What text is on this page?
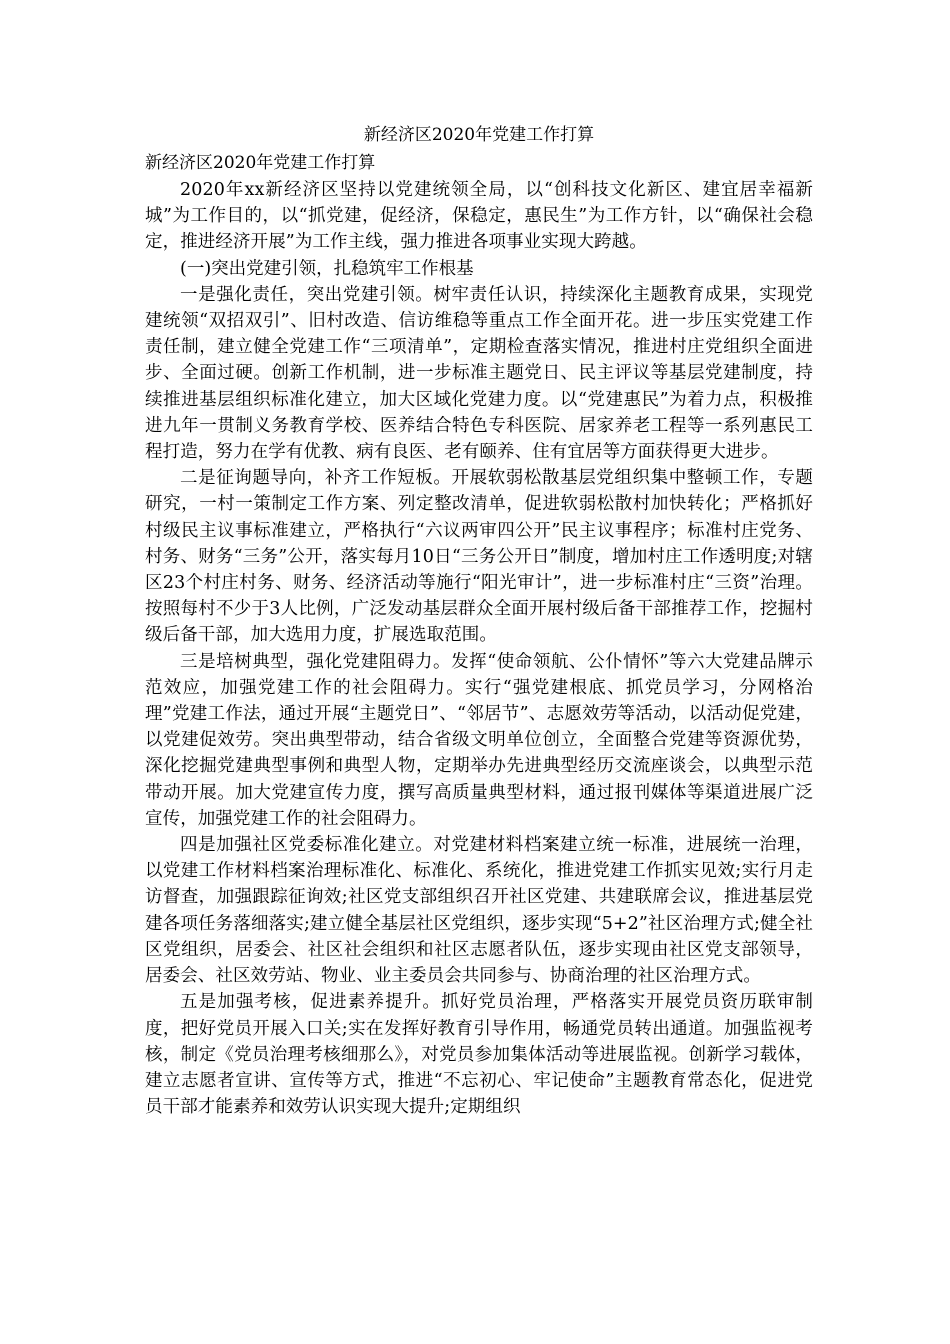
新经济区2020年党建工作打算
新经济区2020年党建工作打算

2020年xx新经济区坚持以党建统领全局，以“创科技文化新区、建宜居幸福新城”为工作目的，以“抓党建，促经济，保稳定，惠民生”为工作方针，以“确保社会稳定，推进经济开展”为工作主线，强力推进各项事业实现大跨越。

(一)突出党建引领，扎稳筑牢工作根基

一是强化责任，突出党建引领。树牢责任认识，持续深化主题教育成果，实现党建统领“双招双引”、旧村改造、信访维稳等重点工作全面开花。进一步压实党建工作责任制，建立健全党建工作“三项清单”，定期检查落实情况，推进村庄党组织全面进步、全面过硬。创新工作机制，进一步标准主题党日、民主评议等基层党建制度，持续推进基层组织标准化建立，加大区域化党建力度。以“党建惠民”为着力点，积极推进九年一贯制义务教育学校、医养结合特色专科医院、居家养老工程等一系列惠民工程打造，努力在学有优教、病有良医、老有颐养、住有宜居等方面获得更大进步。

二是征询题导向，补齐工作短板。开展软弱松散基层党组织集中整顿工作，专题研究，一村一策制定工作方案、列定整改清单，促进软弱松散村加快转化；严格抓好村级民主议事标准建立，严格执行“六议两审四公开”民主议事程序；标准村庄党务、村务、财务“三务”公开，落实每月10日“三务公开日”制度，增加村庄工作透明度;对辖区23个村庄村务、财务、经济活动等施行“阳光审计”，进一步标准村庄“三资”治理。按照每村不少于3人比例，广泛发动基层群众全面开展村级后备干部推荐工作，挖掘村级后备干部，加大选用力度，扩展选取范围。

三是培树典型，强化党建阻碍力。发挥“使命领航、公仆情怀”等六大党建品牌示范效应，加强党建工作的社会阻碍力。实行“强党建根底、抓党员学习，分网格治理”党建工作法，通过开展“主题党日”、“邻居节”、志愿效劳等活动，以活动促党建，以党建促效劳。突出典型带动，结合省级文明单位创立，全面整合党建等资源优势，深化挖掘党建典型事例和典型人物，定期举办先进典型经历交流座谈会，以典型示范带动开展。加大党建宣传力度，撰写高质量典型材料，通过报刊媒体等渠道进展广泛宣传，加强党建工作的社会阻碍力。

四是加强社区党委标准化建立。对党建材料档案建立统一标准，进展统一治理，以党建工作材料档案治理标准化、标准化、系统化，推进党建工作抓实见效;实行月走访督查，加强跟踪征询效;社区党支部组织召开社区党建、共建联席会议，推进基层党建各项任务落细落实;建立健全基层社区党组织，逐步实现“5+2”社区治理方式;健全社区党组织，居委会、社区社会组织和社区志愿者队伍，逐步实现由社区党支部领导，居委会、社区效劳站、物业、业主委员会共同参与、协商治理的社区治理方式。

五是加强考核，促进素养提升。抓好党员治理，严格落实开展党员资历联审制度，把好党员开展入口关;实在发挥好教育引导作用，畅通党员转出通道。加强监视考核，制定《党员治理考核细那么》，对党员参加集体活动等进展监视。创新学习载体，建立志愿者宣讲、宣传等方式，推进“不忘初心、牢记使命”主题教育常态化，促进党员干部才能素养和效劳认识实现大提升;定期组织
